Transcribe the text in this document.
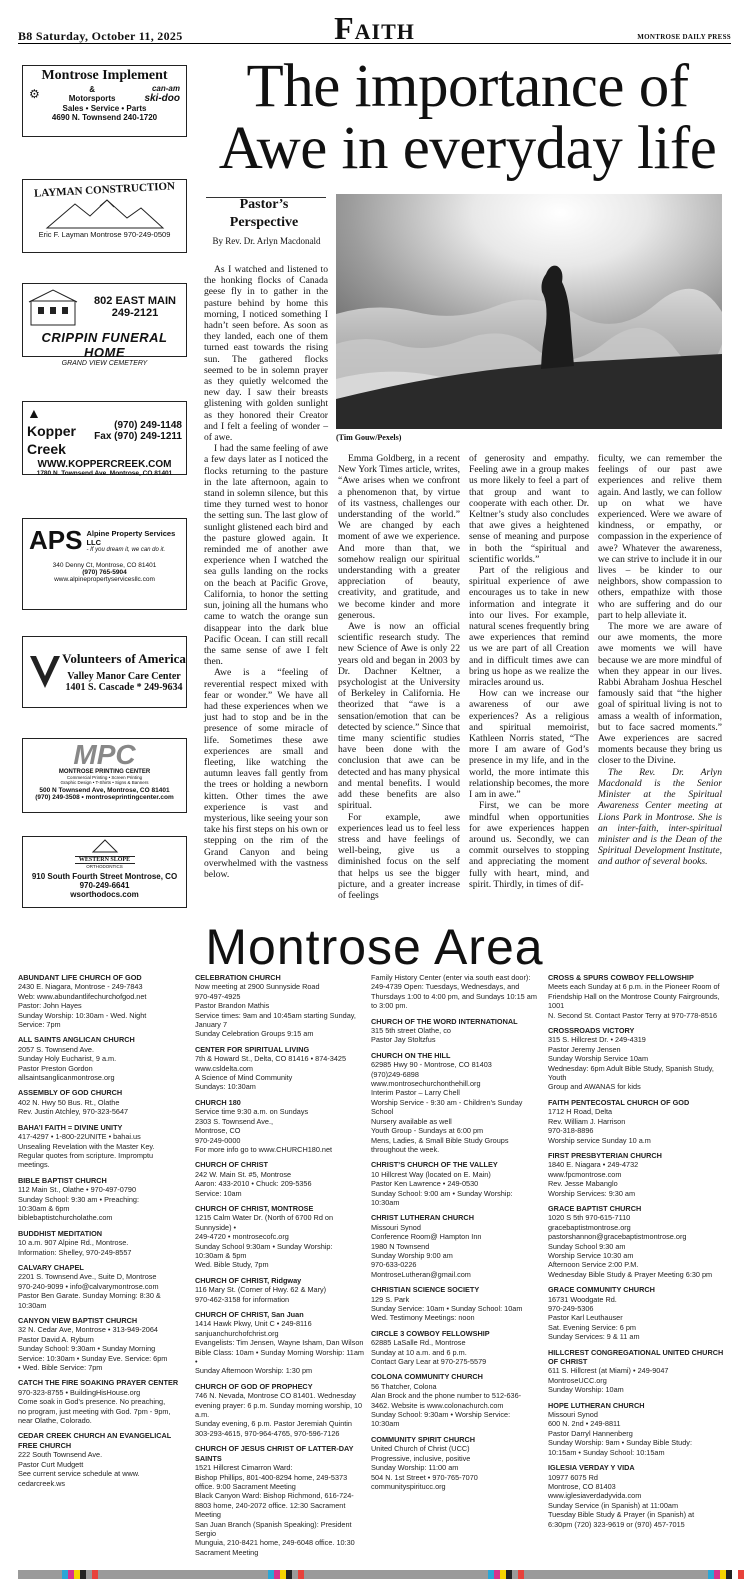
B8 Saturday, October 11, 2025	Faith	MONTROSE DAILY PRESS
Montrose Implement
⚙	&
Motorsports
can-am
ski-doo
Sales • Service • Parts
4690 N. Townsend 240-1720
LAYMAN CONSTRUCTION
Eric F. Layman Montrose 970-249-0509
802 EAST MAIN
249-2121
CRIPPIN FUNERAL HOME
GRAND VIEW CEMETERY
▲ Kopper
Creek
(970) 249-1148
Fax (970) 249-1211
WWW.KOPPERCREEK.COM
1780 N. Townsend Ave. Montrose, CO 81401
APS Alpine Property Services LLC
- If you dream it, we can do it.
340 Denny Ct, Montrose, CO 81401
(970) 765-5904
www.alpinepropertyservicesllc.com
Volunteers of America
Valley Manor Care Center
1401 S. Cascade * 249-9634
MPC
MONTROSE PRINTING CENTER
Commercial Printing • Screen Printing
Graphic Design • T-Shirts • Signs & Banners
500 N Townsend Ave, Montrose, CO 81401
(970) 249-3508 • montroseprintingcenter.com
WESTERN SLOPE
ORTHODONTICS
910 South Fourth Street Montrose, CO
970-249-6641
wsorthodocs.com
The importance of
Awe in everyday life
Pastor’s
Perspective
By Rev. Dr. Arlyn Macdonald
(Tim Gouw/Pexels)

As I watched and listened to the honking flocks of Canada geese fly in to gather in the pasture behind by home this morning, I noticed something I hadn’t seen before. As soon as they landed, each one of them turned east towards the rising sun. The gathered flocks seemed to be in solemn prayer as they quietly welcomed the new day. I saw their breasts glistening with golden sunlight as they honored their Creator and I felt a feeling of wonder – of awe.

I had the same feeling of awe a few days later as I noticed the flocks returning to the pasture in the late afternoon, again to stand in solemn silence, but this time they turned west to honor the setting sun. The last glow of sunlight glistened each bird and the pasture glowed again. It reminded me of another awe experience when I watched the sea gulls landing on the rocks on the beach at Pacific Grove, California, to honor the setting sun, joining all the humans who came to watch the orange sun disappear into the dark blue Pacific Ocean. I can still recall the same sense of awe I felt then.

Awe is a “feeling of reverential respect mixed with fear or wonder.” We have all had these experiences when we just had to stop and be in the presence of some miracle of life. Sometimes these awe experiences are small and fleeting, like watching the autumn leaves fall gently from the trees or holding a newborn kitten. Other times the awe experience is vast and mysterious, like seeing your son take his first steps on his own or stepping on the rim of the Grand Canyon and being overwhelmed with the vastness below.

Emma Goldberg, in a recent New York Times article, writes, “Awe arises when we confront a phenomenon that, by virtue of its vastness, challenges our understanding of the world.” We are changed by each moment of awe we experience. And more than that, we somehow realign our spiritual understanding with a greater appreciation of beauty, creativity, and gratitude, and we become kinder and more generous.

Awe is now an official scientific research study. The new Science of Awe is only 22 years old and began in 2003 by Dr. Dachner Keltner, a psychologist at the University of Berkeley in California. He theorized that “awe is a sensation/emotion that can be detected by science.” Since that time many scientific studies have been done with the conclusion that awe can be detected and has many physical and mental benefits. I would add these benefits are also spiritual.

For example, awe experiences lead us to feel less stress and have feelings of well-being, give us a diminished focus on the self that helps us see the bigger picture, and a greater increase of feelings

of generosity and empathy. Feeling awe in a group makes us more likely to feel a part of that group and want to cooperate with each other. Dr. Keltner’s study also concludes that awe gives a heightened sense of meaning and purpose in both the “spiritual and scientific worlds.”

Part of the religious and spiritual experience of awe encourages us to take in new information and integrate it into our lives. For example, natural scenes frequently bring awe experiences that remind us we are part of all Creation and in difficult times awe can bring us hope as we realize the miracles around us.

How can we increase our awareness of our awe experiences? As a religious and spiritual memoirist, Kathleen Norris stated, “The more I am aware of God’s presence in my life, and in the world, the more intimate this relationship becomes, the more I am in awe.”

First, we can be more mindful when opportunities for awe experiences happen around us. Secondly, we can commit ourselves to stopping and appreciating the moment fully with heart, mind, and spirit. Thirdly, in times of dif-

ficulty, we can remember the feelings of our past awe experiences and relive them again. And lastly, we can follow up on what we have experienced. Were we aware of kindness, or empathy, or compassion in the experience of awe? Whatever the awareness, we can strive to include it in our lives – be kinder to our neighbors, show compassion to others, empathize with those who are suffering and do our part to help alleviate it.

The more we are aware of our awe moments, the more awe moments we will have because we are more mindful of when they appear in our lives. Rabbi Abraham Joshua Heschel famously said that “the higher goal of spiritual living is not to amass a wealth of information, but to face sacred moments.” Awe experiences are sacred moments because they bring us closer to the Divine.

The Rev. Dr. Arlyn Macdonald is the Senior Minister at the Spiritual Awareness Center meeting at Lions Park in Montrose. She is an inter-faith, inter-spiritual minister and is the Dean of the Spiritual Development Institute, and author of several books.

Montrose Area
ABUNDANT LIFE CHURCH OF GOD
2430 E. Niagara, Montrose - 249-7843
Web: www.abundantlifechurchofgod.net
Pastor: John Hayes
Sunday Worship: 10:30am - Wed. Night
Service: 7pm
ALL SAINTS ANGLICAN CHURCH
2057 S. Townsend Ave.
Sunday Holy Eucharist, 9 a.m.
Pastor Preston Gordon
allsaintsanglicanmontrose.org
ASSEMBLY OF GOD CHURCH
402 N. Hwy 50 Bus. Rt., Olathe
Rev. Justin Atchley, 970-323-5647
BAHA’I FAITH = DIVINE UNITY
417-4297 • 1-800-22UNITE • bahai.us
Unsealing Revelation with the Master Key.
Regular quotes from scripture. Impromptu
meetings.
BIBLE BAPTIST CHURCH
112 Main St., Olathe • 970-497-0790
Sunday School: 9:30 am • Preaching:
10:30am & 6pm
biblebaptistchurcholathe.com
BUDDHIST MEDITATION
10 a.m. 907 Alpine Rd., Montrose.
Information: Shelley, 970-249-8557
CALVARY CHAPEL
2201 S. Townsend Ave., Suite D, Montrose
970-240-9099 • info@calvarymontrose.com
Pastor Ben Garate. Sunday Morning: 8:30 &
10:30am
CANYON VIEW BAPTIST CHURCH
32 N. Cedar Ave, Montrose • 313-949-2064
Pastor David A. Ryburn
Sunday School: 9:30am • Sunday Morning
Service: 10:30am • Sunday Eve. Service: 6pm
• Wed. Bible Service: 7pm
CATCH THE FIRE SOAKING PRAYER CENTER
970-323-8755 • BuildingHisHouse.org
Come soak in God’s presence. No preaching,
no program, just meeting with God. 7pm - 9pm,
near Olathe, Colorado.
CEDAR CREEK CHURCH AN EVANGELICAL FREE CHURCH
222 South Townsend Ave.
Pastor Curt Mudgett
See current service schedule at www.
cedarcreek.ws
CELEBRATION CHURCH
Now meeting at 2900 Sunnyside Road
970-497-4925
Pastor Brandon Mathis
Service times: 9am and 10:45am starting Sunday,
January 7
Sunday Celebration Groups 9:15 am
CENTER FOR SPIRITUAL LIVING
7th & Howard St., Delta, CO 81416 • 874-3425
www.csldelta.com
A Science of Mind Community
Sundays: 10:30am
CHURCH 180
Service time 9:30 a.m. on Sundays
2303 S. Townsend Ave.,
Montrose, CO
970-249-0000
For more info go to www.CHURCH180.net
CHURCH OF CHRIST
242 W. Main St. #5, Montrose
Aaron: 433-2010 • Chuck: 209-5356
Service: 10am
CHURCH OF CHRIST, MONTROSE
1215 Calm Water Dr. (North of 6700 Rd on Sunnyside) •
249-4720 • montrosecofc.org
Sunday School 9:30am • Sunday Worship:
10:30am & 5pm
Wed. Bible Study, 7pm
CHURCH OF CHRIST, Ridgway
116 Mary St. (Corner of Hwy. 62 & Mary)
970-462-3158 for information
CHURCH OF CHRIST, San Juan
1414 Hawk Pkwy, Unit C • 249-8116
sanjuanchurchofchrist.org
Evangelists: Tim Jensen, Wayne Isham, Dan Wilson
Bible Class: 10am • Sunday Morning Worship: 11am •
Sunday Afternoon Worship: 1:30 pm
CHURCH OF GOD OF PROPHECY
746 N. Nevada, Montrose CO 81401. Wednesday
evening prayer: 6 p.m. Sunday morning worship, 10 a.m.
Sunday evening, 6 p.m. Pastor Jeremiah Quintin
303-293-4615, 970-964-4765, 970-596-7126
CHURCH OF JESUS CHRIST OF LATTER-DAY SAINTS
1521 Hillcrest Cimarron Ward:
Bishop Phillips, 801-400-8294 home, 249-5373
office. 9:00 Sacrament Meeting
Black Canyon Ward: Bishop Richmond, 616-724-
8803 home, 240-2072 office. 12:30 Sacrament
Meeting
San Juan Branch (Spanish Speaking): President Sergio
Munguia, 210-8421 home, 249-6048 office. 10:30
Sacrament Meeting
Family History Center (enter via south east door):
249-4739 Open: Tuesdays, Wednesdays, and
Thursdays 1:00 to 4:00 pm, and Sundays 10:15 am
to 3:00 pm.
CHURCH OF THE WORD INTERNATIONAL
315 5th street Olathe, co
Pastor Jay Stoltzfus
CHURCH ON THE HILL
62985 Hwy 90 - Montrose, CO 81403
(970)249-6898
www.montrosechurchonthehill.org
Interim Pastor – Larry Chell
Worship Service - 9:30 am - Children’s Sunday
School
Nursery available as well
Youth Group - Sundays at 6:00 pm
Mens, Ladies, & Small Bible Study Groups
throughout the week.
CHRIST’S CHURCH OF THE VALLEY
10 Hillcrest Way (located on E. Main)
Pastor Ken Lawrence • 249-0530
Sunday School: 9:00 am • Sunday Worship:
10:30am
CHRIST LUTHERAN CHURCH
Missouri Synod
Conference Room@ Hampton Inn
1980 N Townsend
Sunday Worship 9:00 am
970-633-0226
MontroseLutheran@gmail.com
CHRISTIAN SCIENCE SOCIETY
129 S. Park
Sunday Service: 10am • Sunday School: 10am
Wed. Testimony Meetings: noon
CIRCLE 3 COWBOY FELLOWSHIP
62885 LaSalle Rd., Montrose
Sunday at 10 a.m. and 6 p.m.
Contact Gary Lear at 970-275-5579
COLONA COMMUNITY CHURCH
56 Thatcher, Colona
Alan Brock and the phone number to 512-636-
3462. Website is www.colonachurch.com
Sunday School: 9:30am • Worship Service:
10:30am
COMMUNITY SPIRIT CHURCH
United Church of Christ (UCC)
Progressive, inclusive, positive
Sunday Worship: 11:00 am
504 N. 1st Street • 970-765-7070
communityspiritucc.org
CROSS & SPURS COWBOY FELLOWSHIP
Meets each Sunday at 6 p.m. in the Pioneer Room of
Friendship Hall on the Montrose County Fairgrounds, 1001
N. Second St. Contact Pastor Terry at 970-778-8516
CROSSROADS VICTORY
315 S. Hillcrest Dr. • 249-4319
Pastor Jeremy Jensen
Sunday Worship Service 10am
Wednesday: 6pm Adult Bible Study, Spanish Study, Youth
Group and AWANAS for kids
FAITH PENTECOSTAL CHURCH OF GOD
1712 H Road, Delta
Rev. William J. Harrison
970-318-8896
Worship service Sunday 10 a.m
FIRST PRESBYTERIAN CHURCH
1840 E. Niagara • 249-4732
www.fpcmontrose.com
Rev. Jesse Mabanglo
Worship Services: 9:30 am
GRACE BAPTIST CHURCH
1020 S 5th 970-615-7110
gracebaptistmontrose.org
pastorshannon@gracebaptistmontrose.org
Sunday School 9:30 am
Worship Service 10:30 am
Afternoon Service 2:00 P.M.
Wednesday Bible Study & Prayer Meeting 6:30 pm
GRACE COMMUNITY CHURCH
16731 Woodgate Rd.
970-249-5306
Pastor Karl Leuthauser
Sat. Evening Service: 6 pm
Sunday Services: 9 & 11 am
HILLCREST CONGREGATIONAL UNITED CHURCH OF CHRIST
611 S. Hillcrest (at Miami) • 249-9047
MontroseUCC.org
Sunday Worship: 10am
HOPE LUTHERAN CHURCH
Missouri Synod
600 N. 2nd • 249-8811
Pastor Darryl Hannenberg
Sunday Worship: 9am • Sunday Bible Study:
10:15am • Sunday School: 10:15am
IGLESIA VERDAY Y VIDA
10977 6075 Rd
Montrose, CO 81403
www.iglesiaverdadyvida.com
Sunday Service (in Spanish) at 11:00am
Tuesday Bible Study & Prayer (in Spanish) at
6:30pm (720) 323-9619 or (970) 457-7015
